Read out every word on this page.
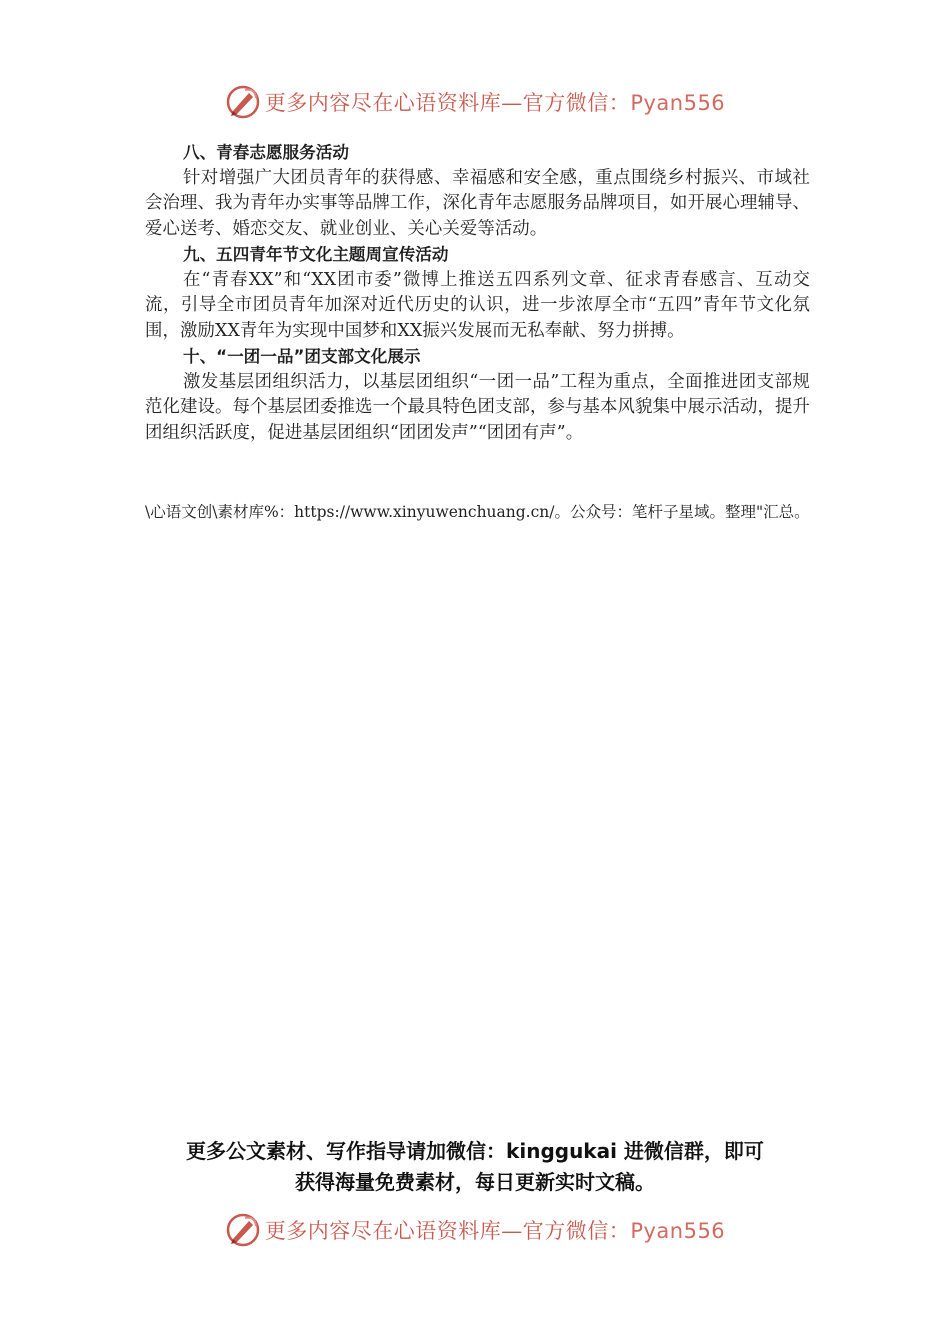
更多内容尽在心语资料库—官方微信：Pyan556

八、青春志愿服务活动

针对增强广大团员青年的获得感、幸福感和安全感，重点围绕乡村振兴、市域社会治理、我为青年办实事等品牌工作，深化青年志愿服务品牌项目，如开展心理辅导、爱心送考、婚恋交友、就业创业、关心关爱等活动。

九、五四青年节文化主题周宣传活动

在“青春XX”和“XX团市委”微博上推送五四系列文章、征求青春感言、互动交流，引导全市团员青年加深对近代历史的认识，进一步浓厚全市“五四”青年节文化氛围，激励XX青年为实现中国梦和XX振兴发展而无私奉献、努力拼搏。

十、“一团一品”团支部文化展示

激发基层团组织活力，以基层团组织“一团一品”工程为重点，全面推进团支部规范化建设。每个基层团委推选一个最具特色团支部，参与基本风貌集中展示活动，提升团组织活跃度，促进基层团组织“团团发声”“团团有声”。

\心语文创\素材库%：https://www.xinyuwenchuang.cn/。公众号：笔杆子星域。整理"汇总。

更多公文素材、写作指导请加微信：kinggukai 进微信群，即可

获得海量免费素材，每日更新实时文稿。

更多内容尽在心语资料库—官方微信：Pyan556
